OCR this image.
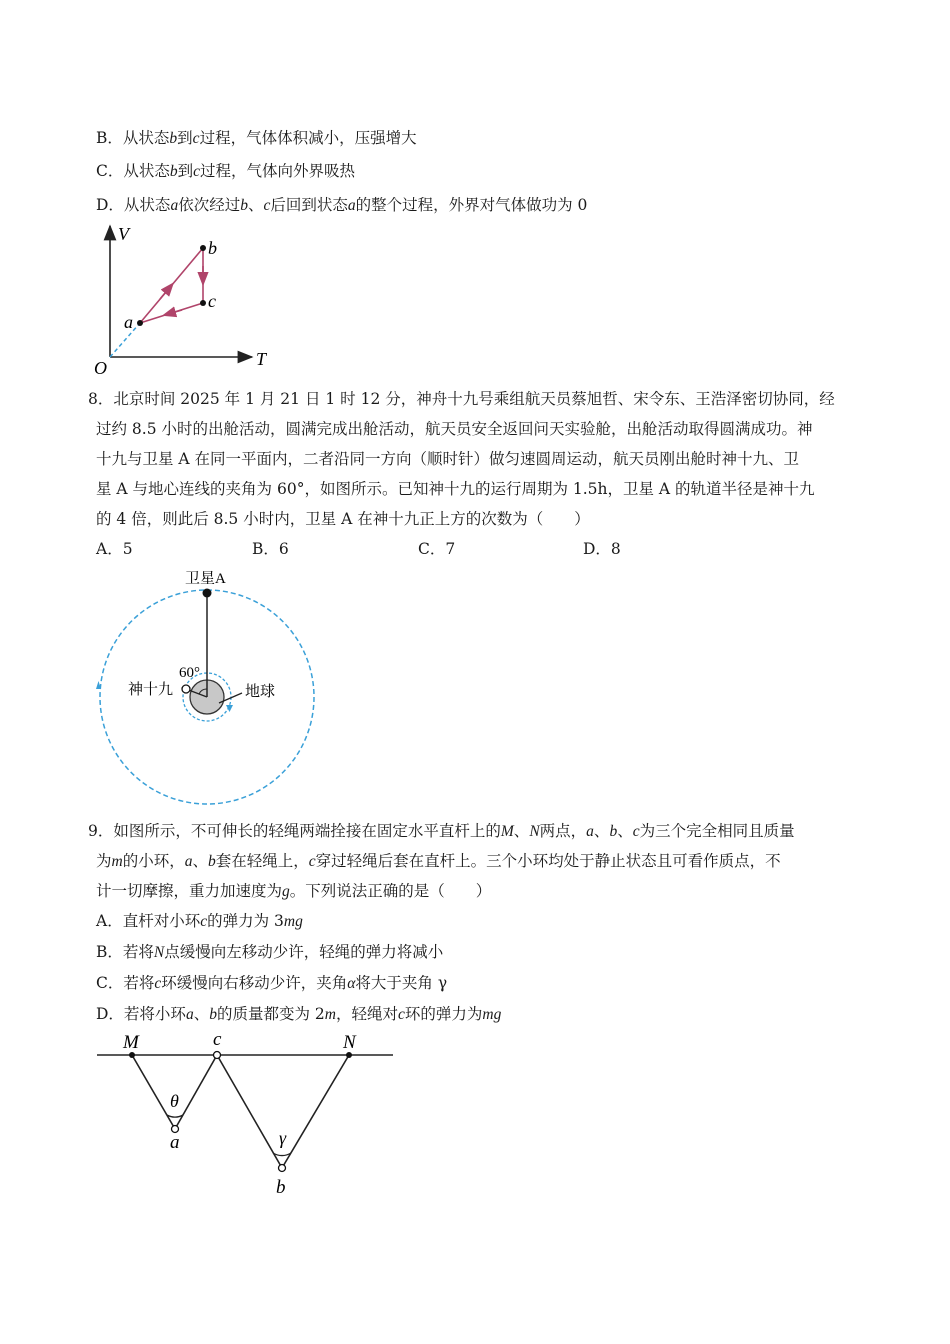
B．从状态b到c过程，气体体积减小，压强增大
C．从状态b到c过程，气体向外界吸热
D．从状态a依次经过b、c后回到状态a的整个过程，外界对气体做功为 0
V
T
O
a
b
c
8．北京时间 2025 年 1 月 21 日 1 时 12 分，神舟十九号乘组航天员蔡旭哲、宋令东、王浩泽密切协同，经
过约 8.5 小时的出舱活动，圆满完成出舱活动，航天员安全返回问天实验舱，出舱活动取得圆满成功。神
十九与卫星 A 在同一平面内，二者沿同一方向（顺时针）做匀速圆周运动，航天员刚出舱时神十九、卫
星 A 与地心连线的夹角为 60°，如图所示。已知神十九的运行周期为 1.5h，卫星 A 的轨道半径是神十九
的 4 倍，则此后 8.5 小时内，卫星 A 在神十九正上方的次数为（　　）
A．5	B．6	C．7	D．8
卫星A
60°
神十九	地球
9．如图所示，不可伸长的轻绳两端拴接在固定水平直杆上的M、N两点，a、b、c为三个完全相同且质量
为m的小环，a、b套在轻绳上，c穿过轻绳后套在直杆上。三个小环均处于静止状态且可看作质点，不
计一切摩擦，重力加速度为g。下列说法正确的是（　　）
A．直杆对小环c的弹力为 3mg
B．若将N点缓慢向左移动少许，轻绳的弹力将减小
C．若将c环缓慢向右移动少许，夹角α将大于夹角 γ
D．若将小环a、b的质量都变为 2m，轻绳对c环的弹力为mg
M	c	N
θ
a	γ
b
